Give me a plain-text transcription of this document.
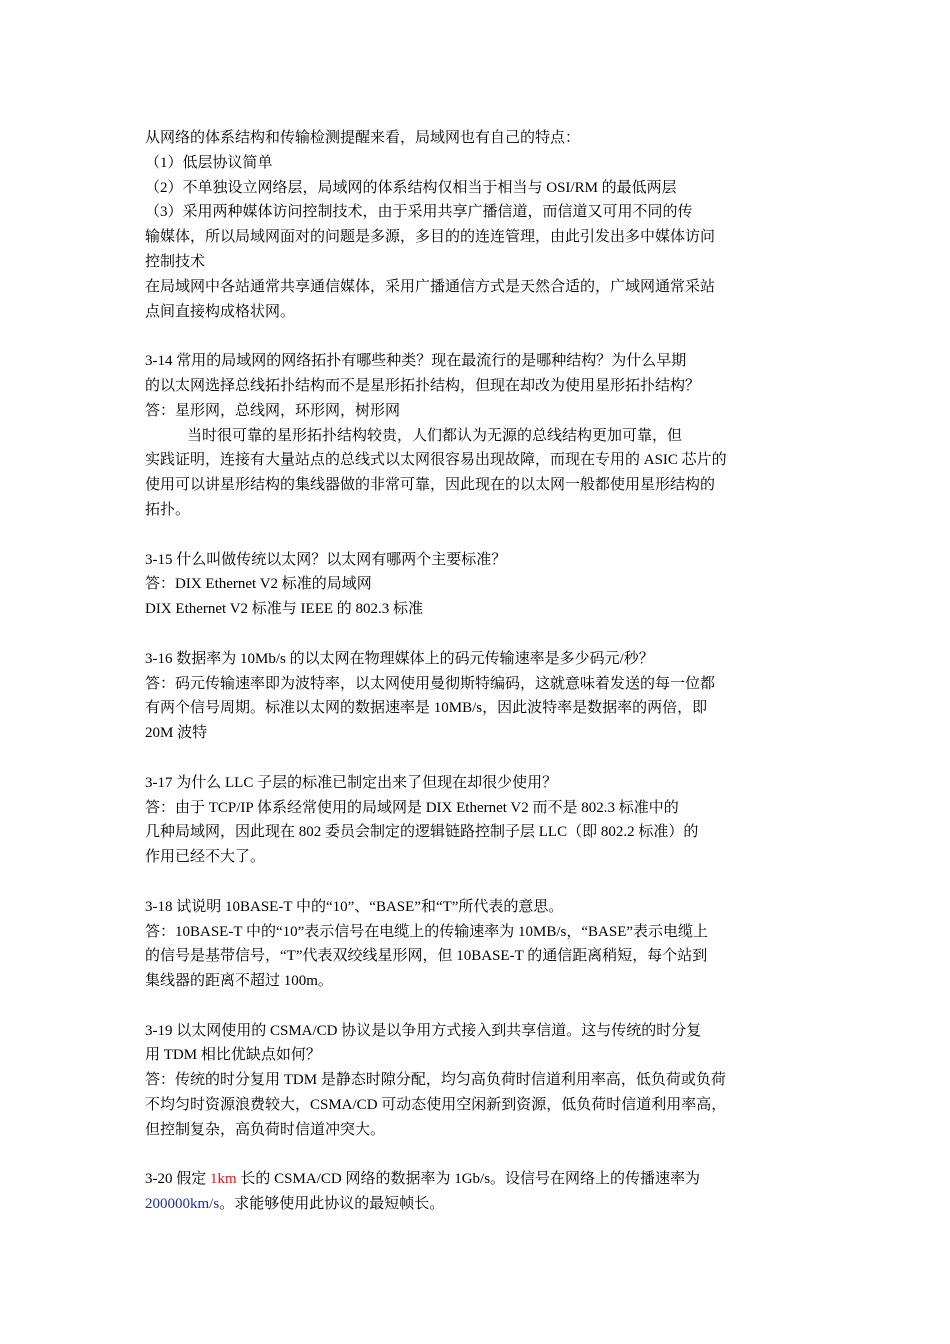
从网络的体系结构和传输检测提醒来看，局域网也有自己的特点：
（1）低层协议简单
（2）不单独设立网络层，局域网的体系结构仅相当于相当与 OSI/RM 的最低两层
（3）采用两种媒体访问控制技术，由于采用共享广播信道，而信道又可用不同的传
输媒体，所以局域网面对的问题是多源，多目的的连连管理，由此引发出多中媒体访问
控制技术
在局域网中各站通常共享通信媒体，采用广播通信方式是天然合适的，广域网通常采站
点间直接构成格状网。
3-14 常用的局域网的网络拓扑有哪些种类？现在最流行的是哪种结构？为什么早期
的以太网选择总线拓扑结构而不是星形拓扑结构，但现在却改为使用星形拓扑结构？
答：星形网，总线网，环形网，树形网
当时很可靠的星形拓扑结构较贵，人们都认为无源的总线结构更加可靠，但
实践证明，连接有大量站点的总线式以太网很容易出现故障，而现在专用的 ASIC 芯片的
使用可以讲星形结构的集线器做的非常可靠，因此现在的以太网一般都使用星形结构的
拓扑。
3-15 什么叫做传统以太网？以太网有哪两个主要标准？
答：DIX Ethernet V2 标准的局域网
DIX Ethernet V2 标准与 IEEE 的 802.3 标准
3-16 数据率为 10Mb/s 的以太网在物理媒体上的码元传输速率是多少码元/秒？
答：码元传输速率即为波特率，以太网使用曼彻斯特编码，这就意味着发送的每一位都
有两个信号周期。标准以太网的数据速率是 10MB/s，因此波特率是数据率的两倍，即
20M 波特
3-17 为什么 LLC 子层的标准已制定出来了但现在却很少使用？
答：由于 TCP/IP 体系经常使用的局域网是 DIX Ethernet V2 而不是 802.3 标准中的
几种局域网，因此现在 802 委员会制定的逻辑链路控制子层 LLC（即 802.2 标准）的
作用已经不大了。
3-18 试说明 10BASE-T 中的“10”、“BASE”和“T”所代表的意思。
答：10BASE-T 中的“10”表示信号在电缆上的传输速率为 10MB/s，“BASE”表示电缆上
的信号是基带信号，“T”代表双绞线星形网，但 10BASE-T 的通信距离稍短，每个站到
集线器的距离不超过 100m。
3-19 以太网使用的 CSMA/CD 协议是以争用方式接入到共享信道。这与传统的时分复
用 TDM 相比优缺点如何？
答：传统的时分复用 TDM 是静态时隙分配，均匀高负荷时信道利用率高，低负荷或负荷
不均匀时资源浪费较大，CSMA/CD 可动态使用空闲新到资源，低负荷时信道利用率高，
但控制复杂，高负荷时信道冲突大。
3-20 假定 1km 长的 CSMA/CD 网络的数据率为 1Gb/s。设信号在网络上的传播速率为
200000km/s。求能够使用此协议的最短帧长。
